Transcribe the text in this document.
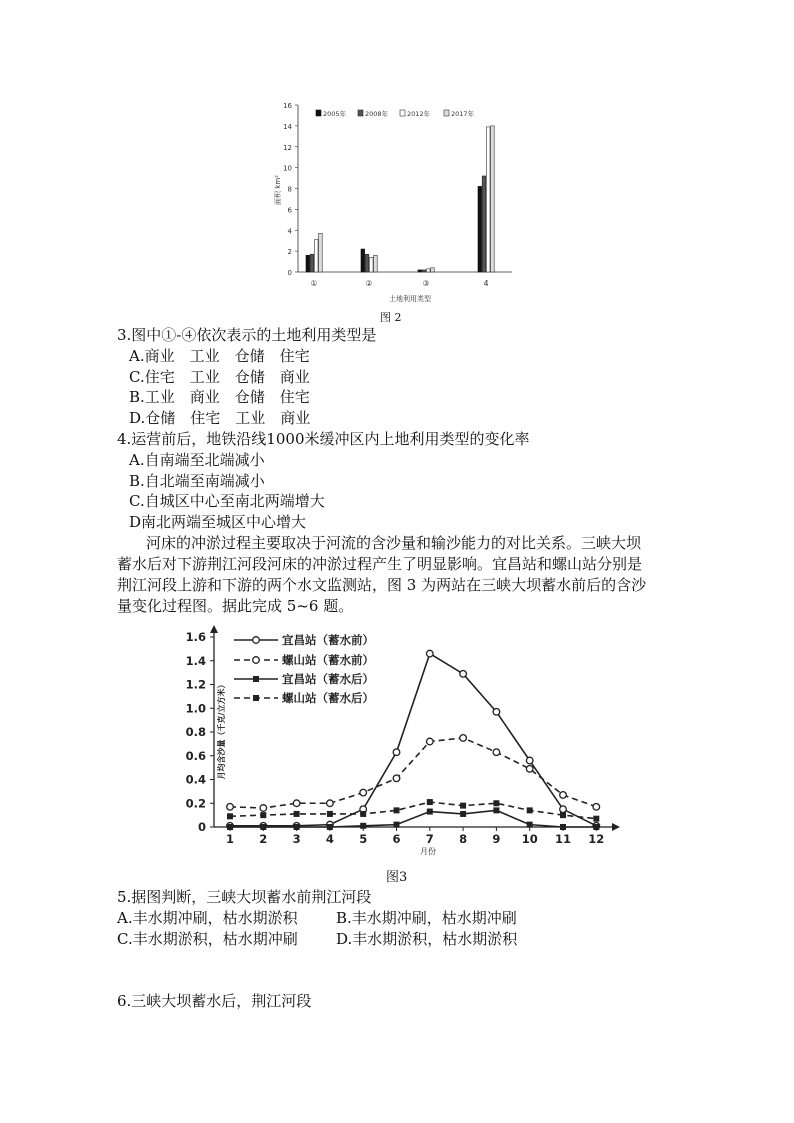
0
2
4
6
8
10
12
14
16
面积 km²
①	②	③	4
土地利用类型
2005年	2008年	2012年	2017年
图 2
3.图中①-④依次表示的土地利用类型是
A.商业　工业　仓储　住宅
C.住宅　工业　仓储　商业
B.工业　商业　仓储　住宅
D.仓储　住宅　工业　商业
4.运营前后，地铁沿线1000米缓冲区内上地利用类型的变化率
A.自南端至北端减小
B.自北端至南端减小
C.自城区中心至南北两端增大
D南北两端至城区中心增大
河床的冲淤过程主要取决于河流的含沙量和输沙能力的对比关系。三峡大坝
蓄水后对下游荆江河段河床的冲淤过程产生了明显影响。宜昌站和螺山站分别是
荆江河段上游和下游的两个水文监测站，图 3 为两站在三峡大坝蓄水前后的含沙
量变化过程图。据此完成 5~6 题。
0
0.2
0.4
0.6
0.8
1.0
1.2
1.4
1.6
1 2 3 4 5 6 7 8 9 10 11 12
月均含沙量（千克/立方米）
月份
宜昌站（蓄水前）
螺山站（蓄水前）
宜昌站（蓄水后）
螺山站（蓄水后）
图3
5.据图判断，三峡大坝蓄水前荆江河段
A.丰水期冲刷，枯水期淤积	B.丰水期冲刷，枯水期冲刷
C.丰水期淤积，枯水期冲刷	D.丰水期淤积，枯水期淤积
6.三峡大坝蓄水后，荆江河段
